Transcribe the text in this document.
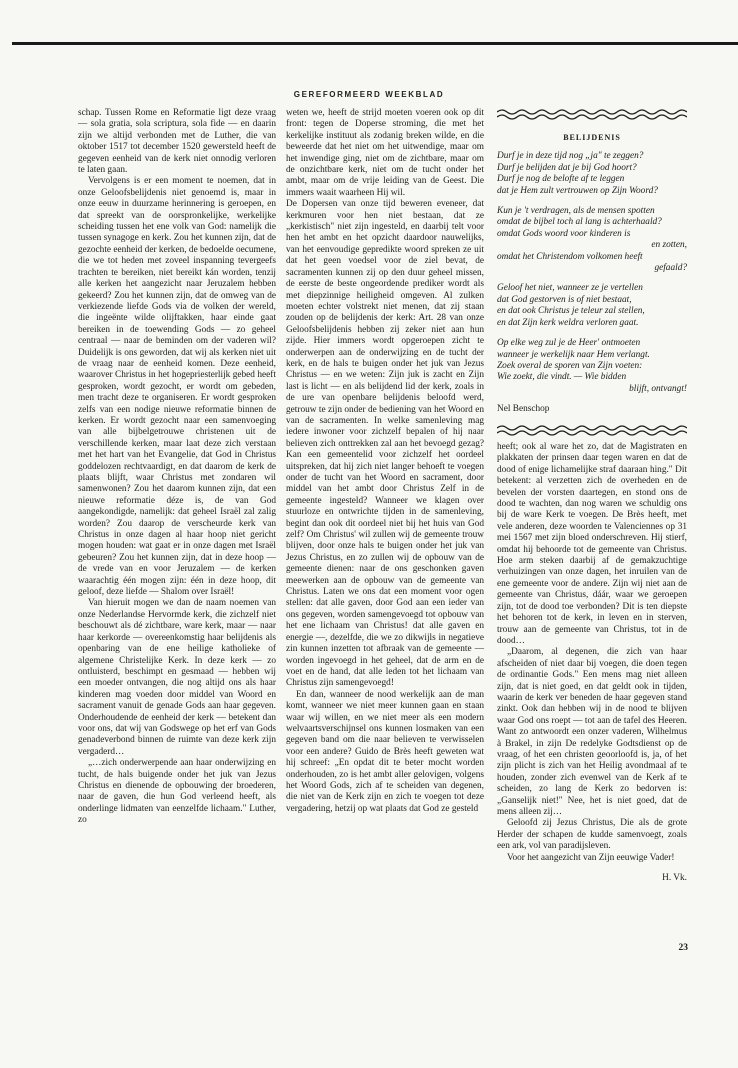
GEREFORMEERD WEEKBLAD

schap. Tussen Rome en Reformatie ligt deze vraag — sola gratia, sola scriptura, sola fide — en daarin zijn we altijd verbonden met de Luther, die van oktober 1517 tot december 1520 gewersteld heeft de gegeven eenheid van de kerk niet onnodig verloren te laten gaan.

Vervolgens is er een moment te noemen, dat in onze Geloofsbelijdenis niet genoemd is, maar in onze eeuw in duurzame herinnering is geroepen, en dat spreekt van de oorspronkelijke, werkelijke scheiding tussen het ene volk van God: namelijk die tussen synagoge en kerk. Zou het kunnen zijn, dat de gezochte eenheid der kerken, de bedoelde oecumene, die we tot heden met zoveel inspanning tevergeefs trachten te bereiken, niet bereikt kán worden, tenzij alle kerken het aangezicht naar Jeruzalem hebben gekeerd? Zou het kunnen zijn, dat de omweg van de verkiezende liefde Gods via de volken der wereld, die ingeënte wilde olijftakken, haar einde gaat bereiken in de toewending Gods — zo geheel centraal — naar de beminden om der vaderen wil? Duidelijk is ons geworden, dat wij als kerken niet uit de vraag naar de eenheid komen. Deze eenheid, waarover Christus in het hogepriesterlijk gebed heeft gesproken, wordt gezocht, er wordt om gebeden, men tracht deze te organiseren. Er wordt gesproken zelfs van een nodige nieuwe reformatie binnen de kerken. Er wordt gezocht naar een samenvoeging van alle bijbelgetrouwe christenen uit de verschillende kerken, maar laat deze zich verstaan met het hart van het Evangelie, dat God in Christus goddelozen rechtvaardigt, en dat daarom de kerk de plaats blijft, waar Christus met zondaren wil samenwonen? Zou het daarom kunnen zijn, dat een nieuwe reformatie déze is, de van God aangekondigde, namelijk: dat geheel Israël zal zalig worden? Zou daarop de verscheurde kerk van Christus in onze dagen al haar hoop niet gericht mogen houden: wat gaat er in onze dagen met Israël gebeuren? Zou het kunnen zijn, dat in deze hoop — de vrede van en voor Jeruzalem — de kerken waarachtig één mogen zijn: één in deze hoop, dit geloof, deze liefde — Shalom over Israël!

Van hieruit mogen we dan de naam noemen van onze Nederlandse Hervormde kerk, die zichzelf niet beschouwt als dé zichtbare, ware kerk, maar — naar haar kerkorde — overeenkomstig haar belijdenis als openbaring van de ene heilige katholieke of algemene Christelijke Kerk. In deze kerk — zo ontluisterd, beschimpt en gesmaad — hebben wij een moeder ontvangen, die nog altijd ons als haar kinderen mag voeden door middel van Woord en sacrament vanuit de genade Gods aan haar gegeven. Onderhoudende de eenheid der kerk — betekent dan voor ons, dat wij van Godswege op het erf van Gods genadeverbond binnen de ruimte van deze kerk zijn vergaderd…

„…zich onderwerpende aan haar onderwijzing en tucht, de hals buigende onder het juk van Jezus Christus en dienende de opbouwing der broederen, naar de gaven, die hun God verleend heeft, als onderlinge lidmaten van eenzelfde lichaam." Luther, zo

weten we, heeft de strijd moeten voeren ook op dit front: tegen de Doperse stroming, die met het kerkelijke instituut als zodanig breken wilde, en die beweerde dat het niet om het uitwendige, maar om het inwendige ging, niet om de zichtbare, maar om de onzichtbare kerk, niet om de tucht onder het ambt, maar om de vrije leiding van de Geest. Die immers waait waarheen Hij wil.

De Dopersen van onze tijd beweren eveneer, dat kerkmuren voor hen niet bestaan, dat ze „kerkistisch" niet zijn ingesteld, en daarbij telt voor hen het ambt en het opzicht daardoor nauwelijks, van het eenvoudige gepredikte woord spreken ze uit dat het geen voedsel voor de ziel bevat, de sacramenten kunnen zij op den duur geheel missen, de eerste de beste ongeordende prediker wordt als met diepzinnige heiligheid omgeven. Al zulken moeten echter volstrekt niet menen, dat zij staan zouden op de belijdenis der kerk: Art. 28 van onze Geloofsbelijdenis hebben zij zeker niet aan hun zijde. Hier immers wordt opgeroepen zicht te onderwerpen aan de onderwijzing en de tucht der kerk, en de hals te buigen onder het juk van Jezus Christus — en we weten: Zijn juk is zacht en Zijn last is licht — en als belijdend lid der kerk, zoals in de ure van openbare belijdenis beloofd werd, getrouw te zijn onder de bediening van het Woord en van de sacramenten. In welke samenleving mag iedere inwoner voor zichzelf bepalen of hij naar believen zich onttrekken zal aan het bevoegd gezag? Kan een gemeentelid voor zichzelf het oordeel uitspreken, dat hij zich niet langer behoeft te voegen onder de tucht van het Woord en sacrament, door middel van het ambt door Christus Zelf in de gemeente ingesteld? Wanneer we klagen over stuurloze en ontwrichte tijden in de samenleving, begint dan ook dit oordeel niet bij het huis van God zelf? Om Christus' wil zullen wij de gemeente trouw blijven, door onze hals te buigen onder het juk van Jezus Christus, en zo zullen wij de opbouw van de gemeente dienen: naar de ons geschonken gaven meewerken aan de opbouw van de gemeente van Christus. Laten we ons dat een moment voor ogen stellen: dat alle gaven, door God aan een ieder van ons gegeven, worden samengevoegd tot opbouw van het ene lichaam van Christus! dat alle gaven en energie —, dezelfde, die we zo dikwijls in negatieve zin kunnen inzetten tot afbraak van de gemeente — worden ingevoegd in het geheel, dat de arm en de voet en de hand, dat alle leden tot het lichaam van Christus zijn samengevoegd!

En dan, wanneer de nood werkelijk aan de man komt, wanneer we niet meer kunnen gaan en staan waar wij willen, en we niet meer als een modern welvaartsverschijnsel ons kunnen losmaken van een gegeven band om die naar believen te verwisselen voor een andere? Guido de Brès heeft geweten wat hij schreef: „En opdat dit te beter mocht worden onderhouden, zo is het ambt aller gelovigen, volgens het Woord Gods, zich af te scheiden van degenen, die niet van de Kerk zijn en zich te voegen tot deze vergadering, hetzij op wat plaats dat God ze gesteld

BELIJDENIS
Durf je in deze tijd nog „ja" te zeggen?
Durf je belijden dat je bij God hoort?
Durf je nog de belofte af te leggen
dat je Hem zult vertrouwen op Zijn Woord?
Kun je 't verdragen, als de mensen spotten
omdat de bijbel toch al lang is achterhaald?
omdat Gods woord voor kinderen is
en zotten,
omdat het Christendom volkomen heeft
gefaald?
Geloof het niet, wanneer ze je vertellen
dat God gestorven is of niet bestaat,
en dat ook Christus je teleur zal stellen,
en dat Zijn kerk weldra verloren gaat.
Op elke weg zul je de Heer' ontmoeten
wanneer je werkelijk naar Hem verlangt.
Zoek overal de sporen van Zijn voeten:
Wie zoekt, die vindt. — Wie bidden
blijft, ontvangt!
Nel Benschop

heeft; ook al ware het zo, dat de Magistraten en plakkaten der prinsen daar tegen waren en dat de dood of enige lichamelijke straf daaraan hing." Dit betekent: al verzetten zich de overheden en de bevelen der vorsten daartegen, en stond ons de dood te wachten, dan nog waren we schuldig ons bij de ware Kerk te voegen. De Brès heeft, met vele anderen, deze woorden te Valenciennes op 31 mei 1567 met zijn bloed onderschreven. Hij stierf, omdat hij behoorde tot de gemeente van Christus. Hoe arm steken daarbij af de gemakzuchtige verhuizingen van onze dagen, het inruilen van de ene gemeente voor de andere. Zijn wij niet aan de gemeente van Christus, dáár, waar we geroepen zijn, tot de dood toe verbonden? Dit is ten diepste het behoren tot de kerk, in leven en in sterven, trouw aan de gemeente van Christus, tot in de dood…

„Daarom, al degenen, die zich van haar afscheiden of niet daar bij voegen, die doen tegen de ordinantie Gods." Een mens mag niet alleen zijn, dat is niet goed, en dat geldt ook in tijden, waarin de kerk ver beneden de haar gegeven stand zinkt. Ook dan hebben wij in de nood te blijven waar God ons roept — tot aan de tafel des Heeren. Want zo antwoordt een onzer vaderen, Wilhelmus à Brakel, in zijn De redelyke Godtsdienst op de vraag, of het een christen geoorloofd is, ja, of het zijn plicht is zich van het Heilig avondmaal af te houden, zonder zich evenwel van de Kerk af te scheiden, zo lang de Kerk zo bedorven is: „Ganselijk niet!" Nee, het is niet goed, dat de mens alleen zij…

Geloofd zij Jezus Christus, Die als de grote Herder der schapen de kudde samenvoegt, zoals een ark, vol van paradijsleven.

Voor het aangezicht van Zijn eeuwige Vader!

H. Vk.
23
